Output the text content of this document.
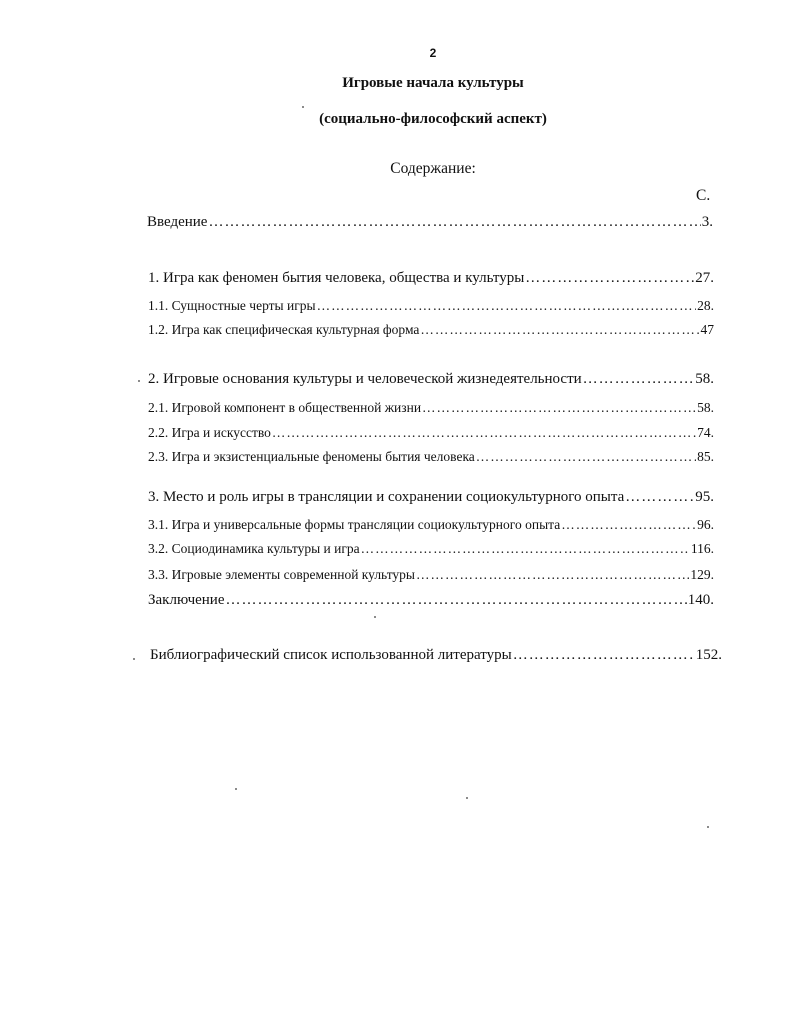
2
Игровые начала культуры
(социально-философский аспект)
Содержание:
С.
Введение ………………………………………………………………………………………………………………………………………………………………	3.
1. Игра как феномен бытия человека, общества и культуры ………………………………………………………………………………………………………………………………………………………………	27.
1.1. Сущностные черты игры ………………………………………………………………………………………………………………………………………………………………	28.
1.2. Игра как специфическая культурная форма ………………………………………………………………………………………………………………………………………………………………	47
2. Игровые основания культуры и человеческой жизнедеятельности ………………………………………………………………………………………………………………………………………………………………	58.
2.1. Игровой компонент в общественной жизни ………………………………………………………………………………………………………………………………………………………………	58.
2.2. Игра и искусство ………………………………………………………………………………………………………………………………………………………………	74.
2.3. Игра и экзистенциальные феномены бытия человека ………………………………………………………………………………………………………………………………………………………………	85.
3. Место и роль игры в трансляции и сохранении социокультурного опыта ………………………………………………………………………………………………………………………………………………………………	95.
3.1. Игра и универсальные формы трансляции социокультурного опыта ………………………………………………………………………………………………………………………………………………………………	96.
3.2. Социодинамика культуры и игра ………………………………………………………………………………………………………………………………………………………………	116.
3.3. Игровые элементы современной культуры ………………………………………………………………………………………………………………………………………………………………	129.
Заключение ………………………………………………………………………………………………………………………………………………………………	140.
Библиографический список использованной литературы ………………………………………………………………………………………………………………………………………………………………	152.
